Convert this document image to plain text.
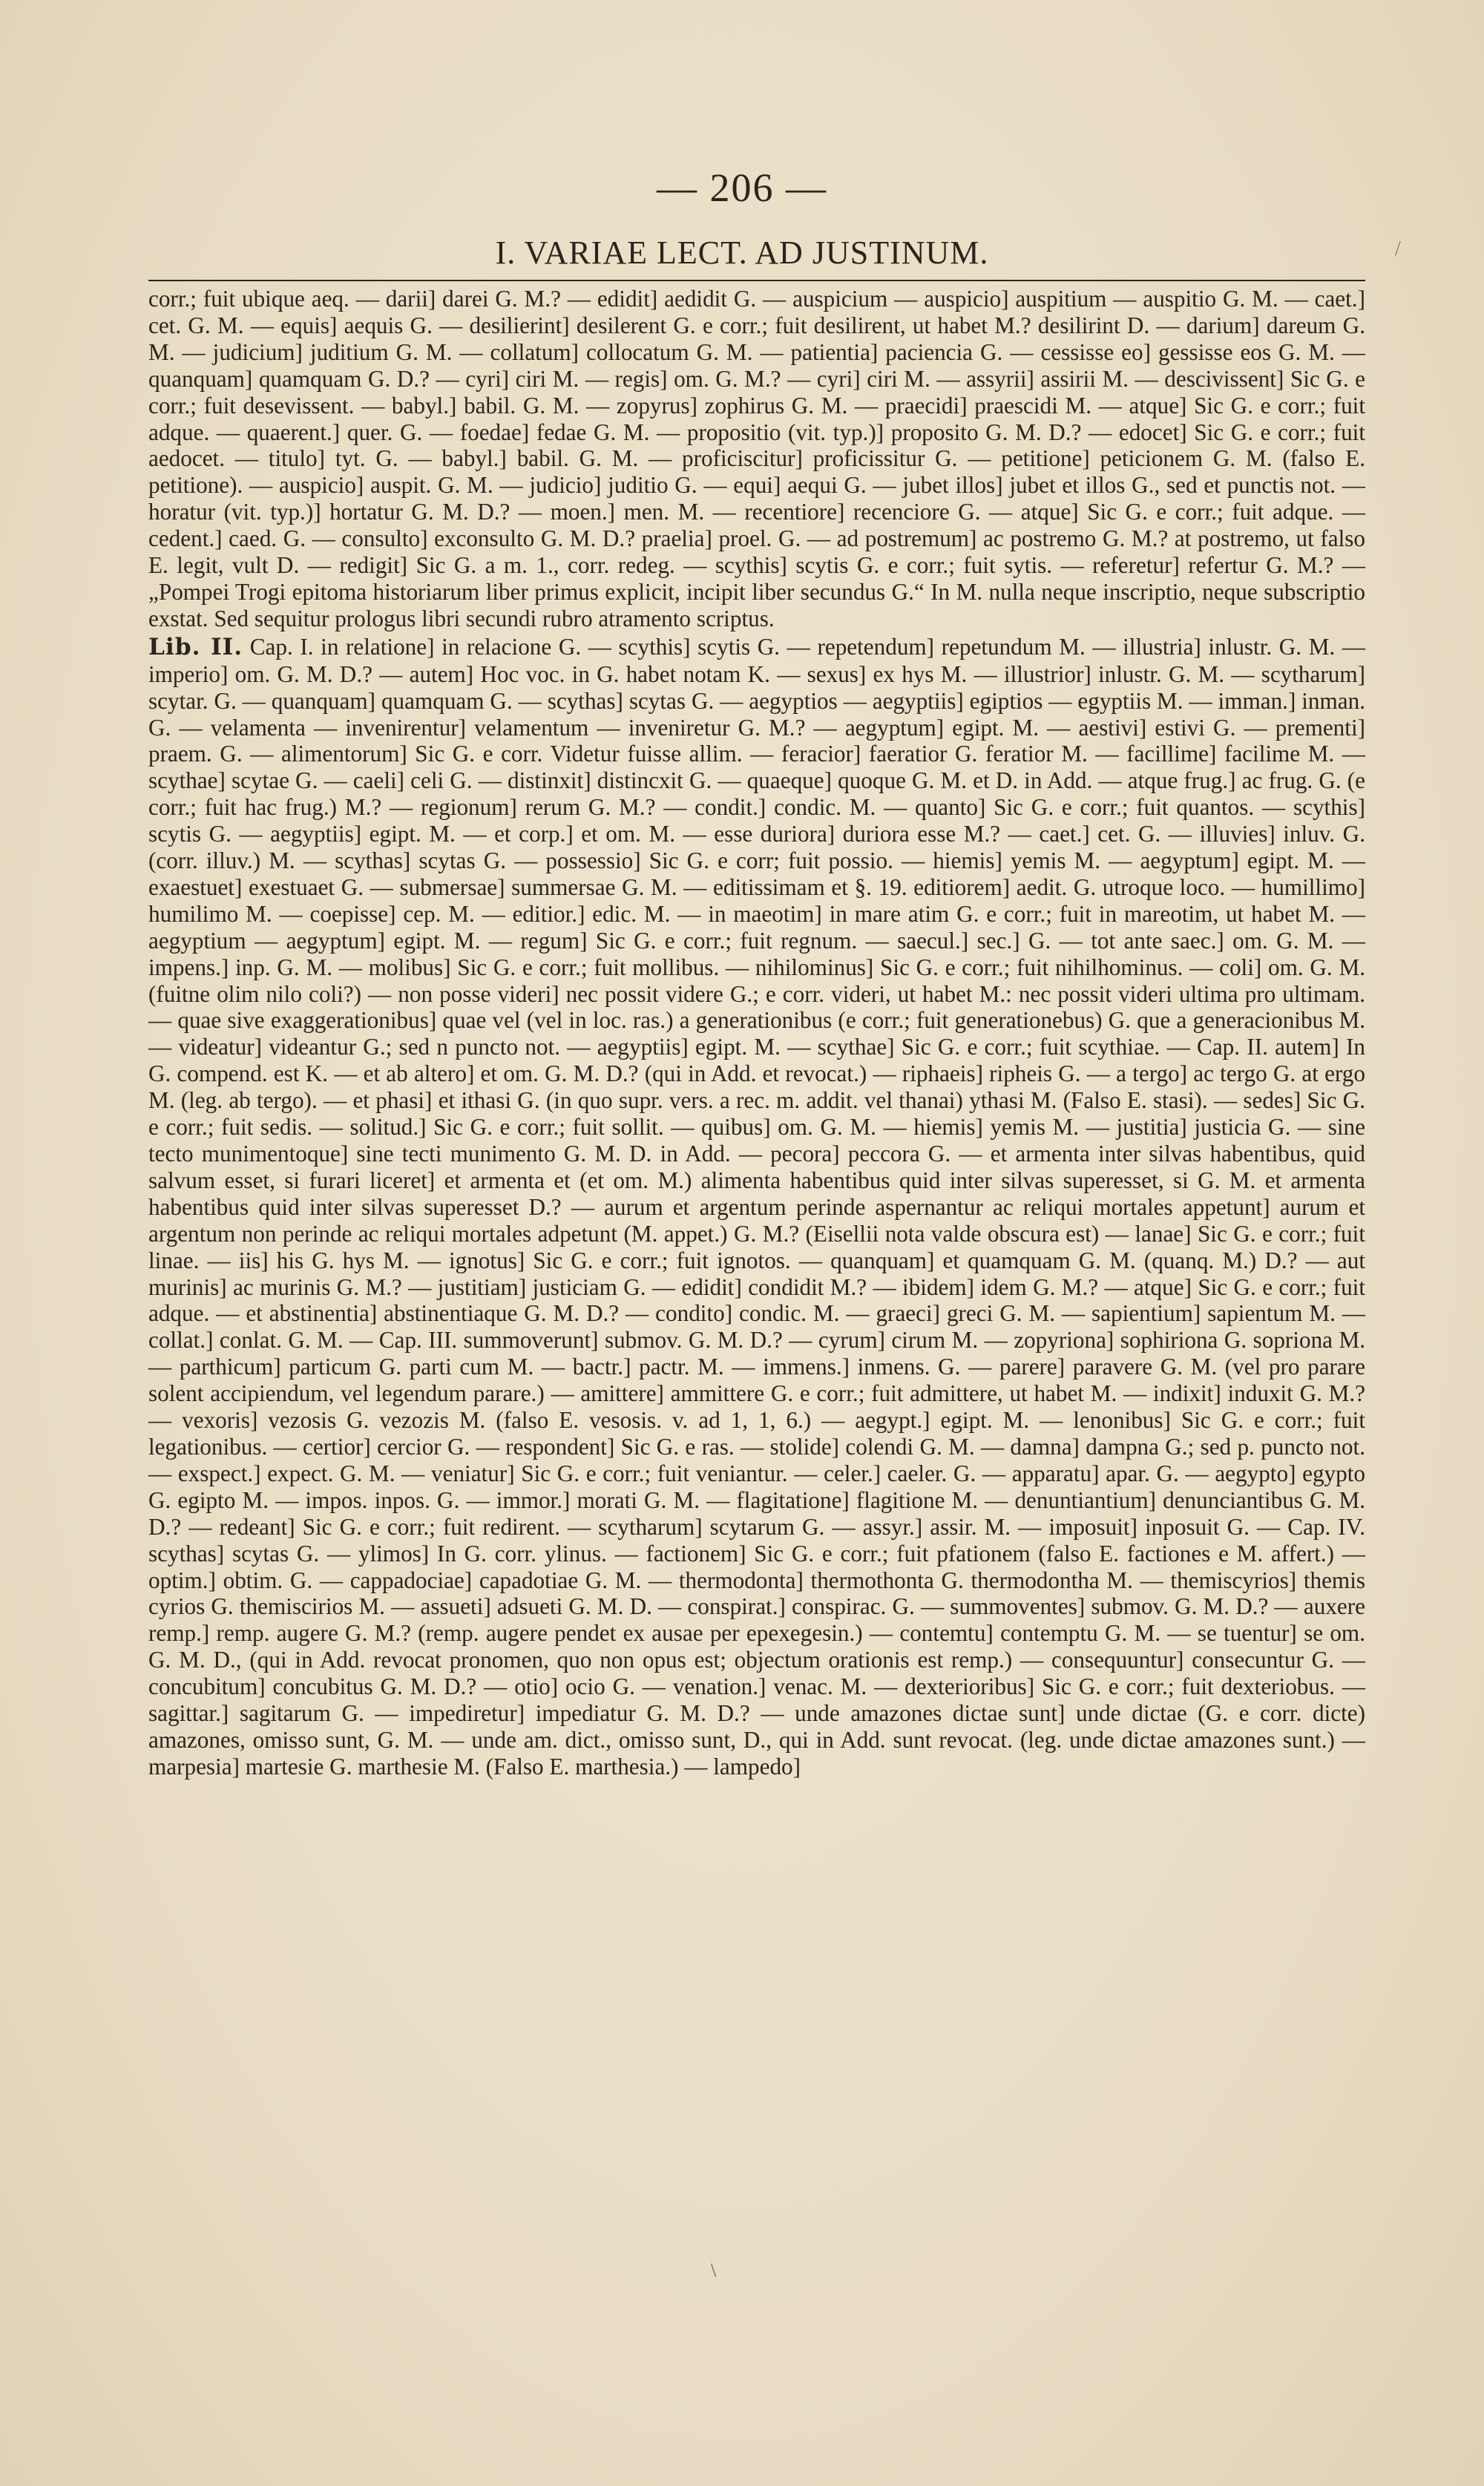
— 206 —
I. VARIAE LECT. AD JUSTINUM.	/

corr.; fuit ubique aeq. — darii] darei G. M.? — edidit] aedidit G. — auspicium — auspicio] auspitium — auspitio G. M. — caet.] cet. G. M. — equis] aequis G. — desilierint] desilerent G. e corr.; fuit desilirent, ut habet M.? desilirint D. — darium] dareum G. M. — judicium] juditium G. M. — collatum] collocatum G. M. — patientia] paciencia G. — cessisse eo] gessisse eos G. M. — quanquam] quamquam G. D.? — cyri] ciri M. — regis] om. G. M.? — cyri] ciri M. — assyrii] assirii M. — descivissent] Sic G. e corr.; fuit desevissent. — babyl.] babil. G. M. — zopyrus] zophirus G. M. — praecidi] praescidi M. — atque] Sic G. e corr.; fuit adque. — quaerent.] quer. G. — foedae] fedae G. M. — propositio (vit. typ.)] proposito G. M. D.? — edocet] Sic G. e corr.; fuit aedocet. — titulo] tyt. G. — babyl.] babil. G. M. — proficiscitur] proficissitur G. — petitione] peticionem G. M. (falso E. petitione). — auspicio] auspit. G. M. — judicio] juditio G. — equi] aequi G. — jubet illos] jubet et illos G., sed et punctis not. — horatur (vit. typ.)] hortatur G. M. D.? — moen.] men. M. — recentiore] recenciore G. — atque] Sic G. e corr.; fuit adque. — cedent.] caed. G. — consulto] exconsulto G. M. D.? praelia] proel. G. — ad postremum] ac postremo G. M.? at postremo, ut falso E. legit, vult D. — redigit] Sic G. a m. 1., corr. redeg. — scythis] scytis G. e corr.; fuit sytis. — referetur] refertur G. M.? — „Pompei Trogi epitoma historiarum liber primus explicit, incipit liber secundus G.“ In M. nulla neque inscriptio, neque subscriptio exstat. Sed sequitur prologus libri secundi rubro atramento scriptus.

Lib. II. Cap. I. in relatione] in relacione G. — scythis] scytis G. — repetendum] repetundum M. — illustria] inlustr. G. M. — imperio] om. G. M. D.? — autem] Hoc voc. in G. habet notam K. — sexus] ex hys M. — illustrior] inlustr. G. M. — scytharum] scytar. G. — quanquam] quamquam G. — scythas] scytas G. — aegyptios — aegyptiis] egiptios — egyptiis M. — imman.] inman. G. — velamenta — invenirentur] velamentum — inveniretur G. M.? — aegyptum] egipt. M. — aestivi] estivi G. — prementi] praem. G. — alimentorum] Sic G. e corr. Videtur fuisse allim. — feracior] faeratior G. feratior M. — facillime] facilime M. — scythae] scytae G. — caeli] celi G. — distinxit] distincxit G. — quaeque] quoque G. M. et D. in Add. — atque frug.] ac frug. G. (e corr.; fuit hac frug.) M.? — regionum] rerum G. M.? — condit.] condic. M. — quanto] Sic G. e corr.; fuit quantos. — scythis] scytis G. — aegyptiis] egipt. M. — et corp.] et om. M. — esse duriora] duriora esse M.? — caet.] cet. G. — illuvies] inluv. G. (corr. illuv.) M. — scythas] scytas G. — possessio] Sic G. e corr; fuit possio. — hiemis] yemis M. — aegyptum] egipt. M. — exaestuet] exestuaet G. — submersae] summersae G. M. — editissimam et §. 19. editiorem] aedit. G. utroque loco. — humillimo] humilimo M. — coepisse] cep. M. — editior.] edic. M. — in maeotim] in mare atim G. e corr.; fuit in mareotim, ut habet M. — aegyptium — aegyptum] egipt. M. — regum] Sic G. e corr.; fuit regnum. — saecul.] sec.] G. — tot ante saec.] om. G. M. — impens.] inp. G. M. — molibus] Sic G. e corr.; fuit mollibus. — nihilominus] Sic G. e corr.; fuit nihilhominus. — coli] om. G. M. (fuitne olim nilo coli?) — non posse videri] nec possit videre G.; e corr. videri, ut habet M.: nec possit videri ultima pro ultimam. — quae sive exaggerationibus] quae vel (vel in loc. ras.) a generationibus (e corr.; fuit generationebus) G. que a generacionibus M. — videatur] videantur G.; sed n puncto not. — aegyptiis] egipt. M. — scythae] Sic G. e corr.; fuit scythiae. — Cap. II. autem] In G. compend. est K. — et ab altero] et om. G. M. D.? (qui in Add. et revocat.) — riphaeis] ripheis G. — a tergo] ac tergo G. at ergo M. (leg. ab tergo). — et phasi] et ithasi G. (in quo supr. vers. a rec. m. addit. vel thanai) ythasi M. (Falso E. stasi). — sedes] Sic G. e corr.; fuit sedis. — solitud.] Sic G. e corr.; fuit sollit. — quibus] om. G. M. — hiemis] yemis M. — justitia] justicia G. — sine tecto munimentoque] sine tecti munimento G. M. D. in Add. — pecora] peccora G. — et armenta inter silvas habentibus, quid salvum esset, si furari liceret] et armenta et (et om. M.) alimenta habentibus quid inter silvas superesset, si G. M. et armenta habentibus quid inter silvas superesset D.? — aurum et argentum perinde aspernantur ac reliqui mortales appetunt] aurum et argentum non perinde ac reliqui mortales adpetunt (M. appet.) G. M.? (Eisellii nota valde obscura est) — lanae] Sic G. e corr.; fuit linae. — iis] his G. hys M. — ignotus] Sic G. e corr.; fuit ignotos. — quanquam] et quamquam G. M. (quanq. M.) D.? — aut murinis] ac murinis G. M.? — justitiam] justiciam G. — edidit] condidit M.? — ibidem] idem G. M.? — atque] Sic G. e corr.; fuit adque. — et abstinentia] abstinentiaque G. M. D.? — condito] condic. M. — graeci] greci G. M. — sapientium] sapientum M. — collat.] conlat. G. M. — Cap. III. summoverunt] submov. G. M. D.? — cyrum] cirum M. — zopyriona] sophiriona G. sopriona M. — parthicum] particum G. parti cum M. — bactr.] pactr. M. — immens.] inmens. G. — parere] paravere G. M. (vel pro parare solent accipiendum, vel legendum parare.) — amittere] ammittere G. e corr.; fuit admittere, ut habet M. — indixit] induxit G. M.? — vexoris] vezosis G. vezozis M. (falso E. vesosis. v. ad 1, 1, 6.) — aegypt.] egipt. M. — lenonibus] Sic G. e corr.; fuit legationibus. — certior] cercior G. — respondent] Sic G. e ras. — stolide] colendi G. M. — damna] dampna G.; sed p. puncto not. — exspect.] expect. G. M. — veniatur] Sic G. e corr.; fuit veniantur. — celer.] caeler. G. — apparatu] apar. G. — aegypto] egypto G. egipto M. — impos. inpos. G. — immor.] morati G. M. — flagitatione] flagitione M. — denuntiantium] denunciantibus G. M. D.? — redeant] Sic G. e corr.; fuit redirent. — scytharum] scytarum G. — assyr.] assir. M. — imposuit] inposuit G. — Cap. IV. scythas] scytas G. — ylimos] In G. corr. ylinus. — factionem] Sic G. e corr.; fuit pfationem (falso E. factiones e M. affert.) — optim.] obtim. G. — cappadociae] capadotiae G. M. — thermodonta] thermothonta G. thermodontha M. — themiscyrios] themis cyrios G. themiscirios M. — assueti] adsueti G. M. D. — conspirat.] conspirac. G. — summoventes] submov. G. M. D.? — auxere remp.] remp. augere G. M.? (remp. augere pendet ex ausae per epexegesin.) — contemtu] contemptu G. M. — se tuentur] se om. G. M. D., (qui in Add. revocat pronomen, quo non opus est; objectum orationis est remp.) — consequuntur] consecuntur G. — concubitum] concubitus G. M. D.? — otio] ocio G. — venation.] venac. M. — dexterioribus] Sic G. e corr.; fuit dexteriobus. — sagittar.] sagitarum G. — impediretur] impediatur G. M. D.? — unde amazones dictae sunt] unde dictae (G. e corr. dicte) amazones, omisso sunt, G. M. — unde am. dict., omisso sunt, D., qui in Add. sunt revocat. (leg. unde dictae amazones sunt.) — marpesia] martesie G. marthesie M. (Falso E. marthesia.) — lampedo]

\
